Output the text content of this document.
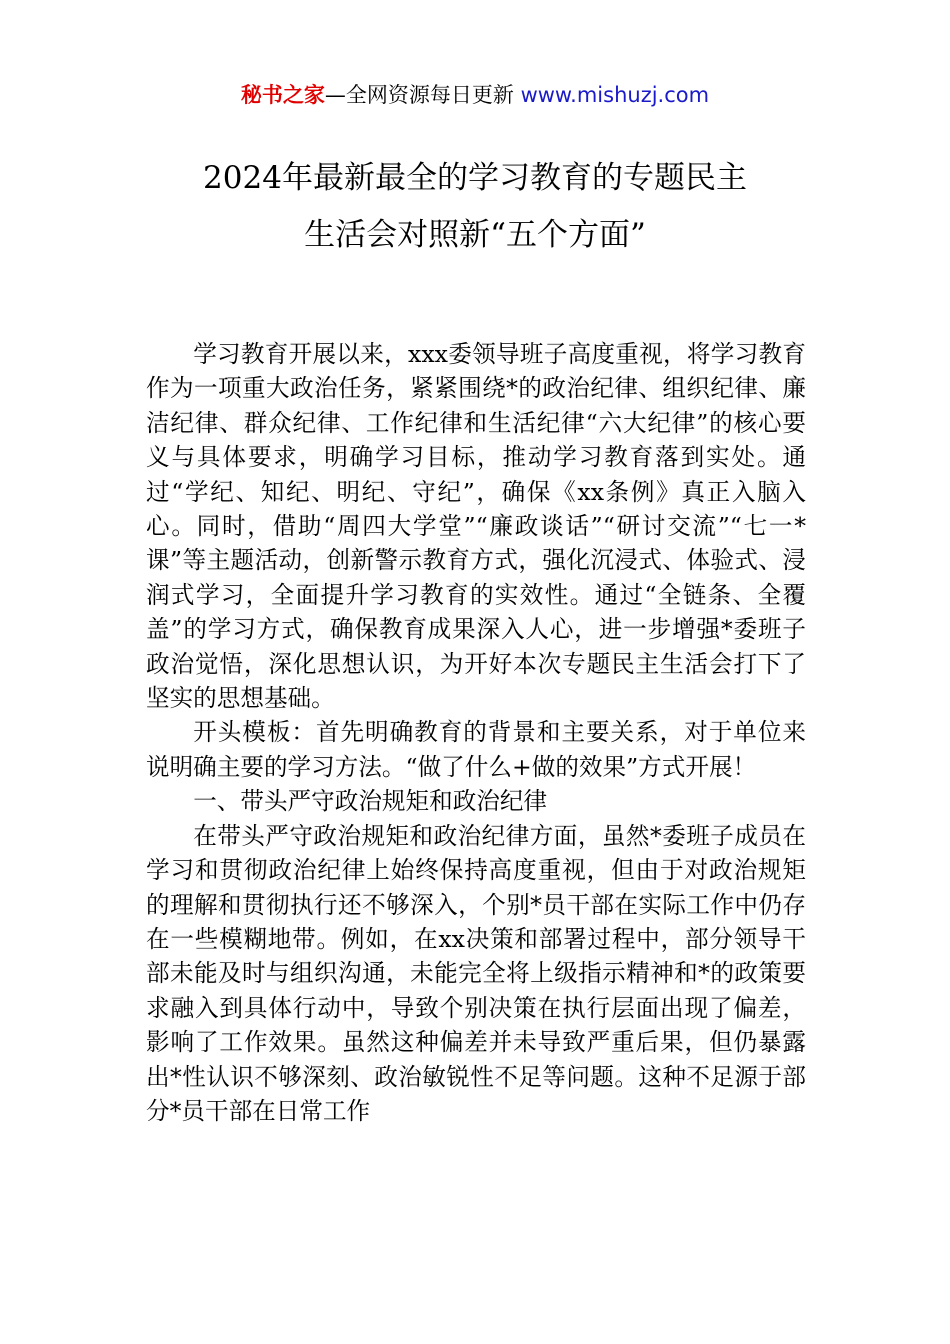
秘书之家—全网资源每日更新 www.mishuzj.com
2024年最新最全的学习教育的专题民主
生活会对照新“五个方面”

学习教育开展以来，xxx委领导班子高度重视，将学习教育作为一项重大政治任务，紧紧围绕*的政治纪律、组织纪律、廉洁纪律、群众纪律、工作纪律和生活纪律“六大纪律”的核心要义与具体要求，明确学习目标，推动学习教育落到实处。通过“学纪、知纪、明纪、守纪”，确保《xx条例》真正入脑入心。同时，借助“周四大学堂”“廉政谈话”“研讨交流”“七一*课”等主题活动，创新警示教育方式，强化沉浸式、体验式、浸润式学习，全面提升学习教育的实效性。通过“全链条、全覆盖”的学习方式，确保教育成果深入人心，进一步增强*委班子政治觉悟，深化思想认识，为开好本次专题民主生活会打下了坚实的思想基础。

开头模板：首先明确教育的背景和主要关系，对于单位来说明确主要的学习方法。“做了什么+做的效果”方式开展！

一、带头严守政治规矩和政治纪律

在带头严守政治规矩和政治纪律方面，虽然*委班子成员在学习和贯彻政治纪律上始终保持高度重视，但由于对政治规矩的理解和贯彻执行还不够深入，个别*员干部在实际工作中仍存在一些模糊地带。例如，在xx决策和部署过程中，部分领导干部未能及时与组织沟通，未能完全将上级指示精神和*的政策要求融入到具体行动中，导致个别决策在执行层面出现了偏差，影响了工作效果。虽然这种偏差并未导致严重后果，但仍暴露出*性认识不够深刻、政治敏锐性不足等问题。这种不足源于部分*员干部在日常工作
